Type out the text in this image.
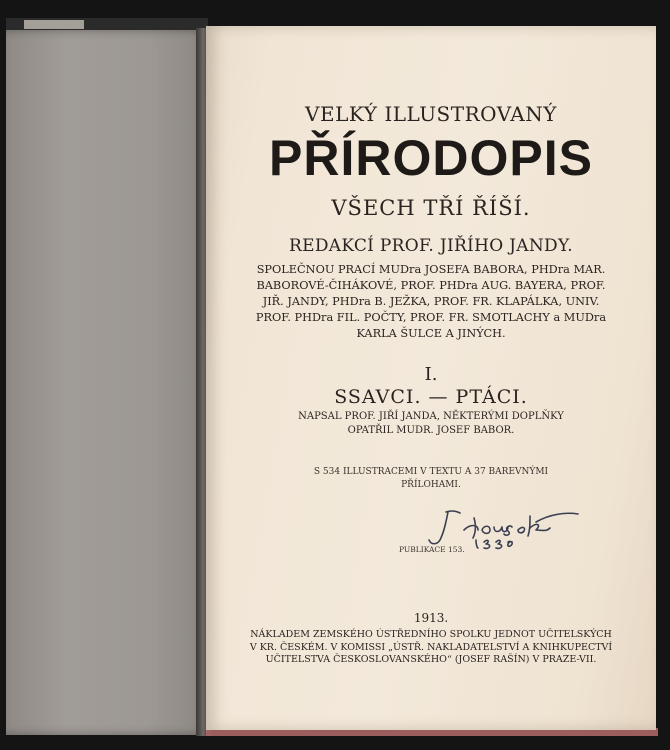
VELKÝ ILLUSTROVANÝ
PŘÍRODOPIS
VŠECH TŘÍ ŘÍŠÍ.
REDAKCÍ PROF. JIŘÍHO JANDY.
SPOLEČNOU PRACÍ MUDra JOSEFA BABORA, PHDra MAR.
BABOROVÉ-ČIHÁKOVÉ, PROF. PHDra AUG. BAYERA, PROF.
JIŘ. JANDY, PHDra B. JEŽKA, PROF. FR. KLAPÁLKA, UNIV.
PROF. PHDra FIL. POČTY, PROF. FR. SMOTLACHY a MUDra
KARLA ŠULCE A JINÝCH.
I.
SSAVCI. — PTÁCI.
NAPSAL PROF. JIŘÍ JANDA, NĚKTERÝMI DOPLŇKY
OPATŘIL MUDR. JOSEF BABOR.
S 534 ILLUSTRACEMI V TEXTU A 37 BAREVNÝMI
PŘÍLOHAMI.
PUBLIKACE 153.
1913.
NÁKLADEM ZEMSKÉHO ÚSTŘEDNÍHO SPOLKU JEDNOT UČITELSKÝCH
V KR. ČESKÉM. V KOMISSI „ÚSTŘ. NAKLADATELSTVÍ A KNIHKUPECTVÍ
UČITELSTVA ČESKOSLOVANSKÉHO“ (JOSEF RAŠÍN) V PRAZE-VII.
